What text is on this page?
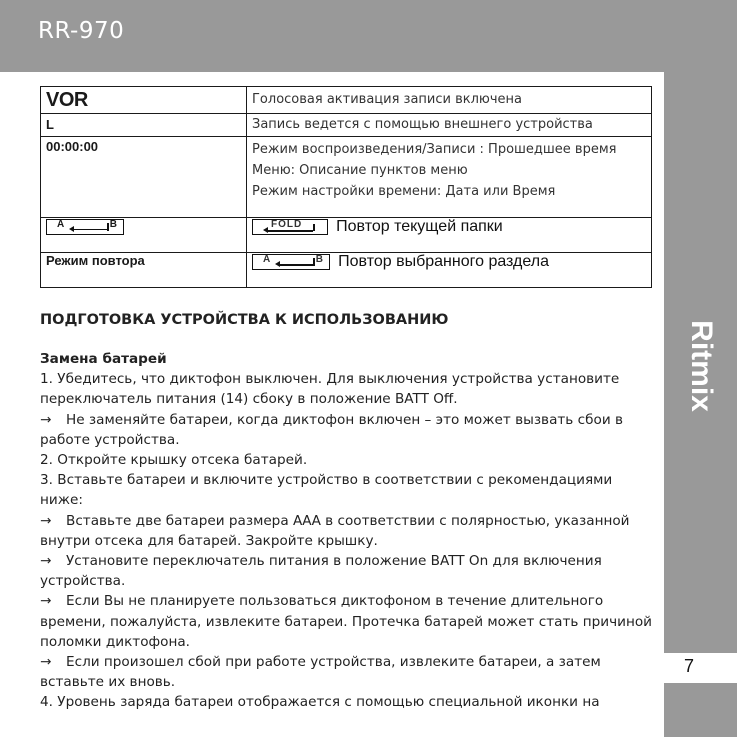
RR-970
Ritmix
7
VOR	Голосовая активация записи включена
L	Запись ведется с помощью внешнего устройства
00:00:00	Режим воспроизведения/Записи : Прошедшее время
Меню: Описание пунктов меню
Режим настройки времени: Дата или Время

A B	FOLD Повтор текущей папки
Режим повтора	A B Повтор выбранного раздела

ПОДГОТОВКА УСТРОЙСТВА К ИСПОЛЬЗОВАНИЮ

Замена батарей

1. Убедитесь, что диктофон выключен. Для выключения устройства установите переключатель питания (14) сбоку в положение BATT Off.

→ Не заменяйте батареи, когда диктофон включен – это может вызвать сбои в работе устройства.

2. Откройте крышку отсека батарей.

3. Вставьте батареи и включите устройство в соответствии с рекомендациями ниже:

→ Вставьте две батареи размера ААА в соответствии с полярностью, указанной внутри отсека для батарей. Закройте крышку.

→ Установите переключатель питания в положение BATT On для включения устройства.

→ Если Вы не планируете пользоваться диктофоном в течение длительного времени, пожалуйста, извлеките батареи. Протечка батарей может стать причиной поломки диктофона.

→ Если произошел сбой при работе устройства, извлеките батареи, а затем вставьте их вновь.

4. Уровень заряда батареи отображается с помощью специальной иконки на
